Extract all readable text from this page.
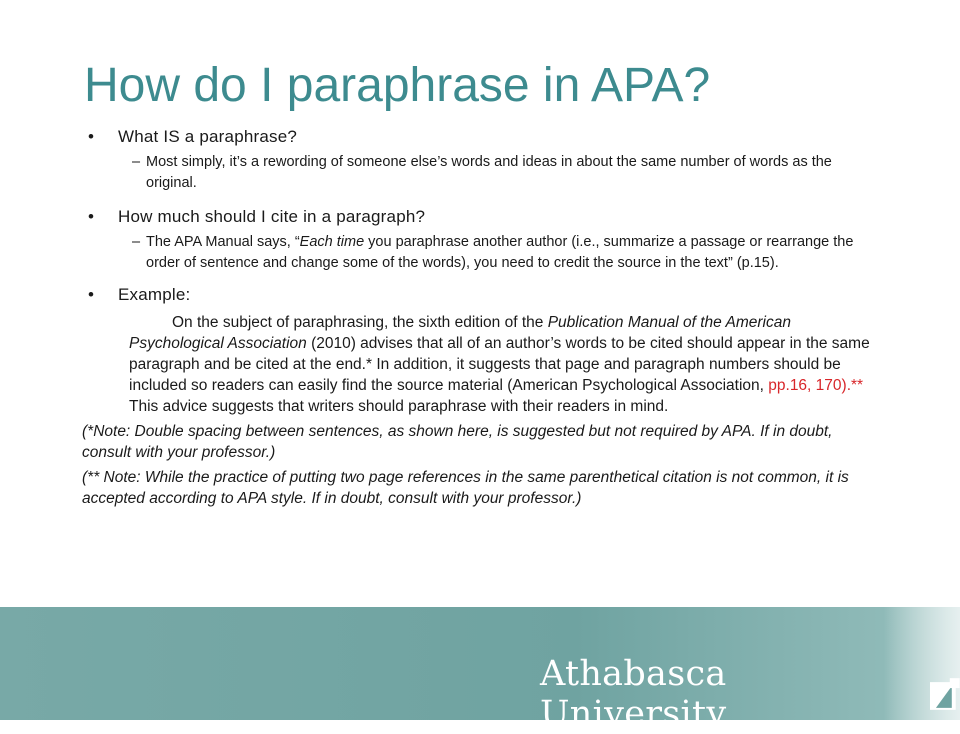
How do I paraphrase in APA?
• What IS a paraphrase?
– Most simply, it’s a rewording of someone else’s words and ideas in about the same number of words as the original.
• How much should I cite in a paragraph?
– The APA Manual says, “Each time you paraphrase another author (i.e., summarize a passage or rearrange the order of sentence and change some of the words), you need to credit the source in the text” (p.15).
• Example:
On the subject of paraphrasing, the sixth edition of the Publication Manual of the American Psychological Association (2010) advises that all of an author’s words to be cited should appear in the same paragraph and be cited at the end.* In addition, it suggests that page and paragraph numbers should be included so readers can easily find the source material (American Psychological Association, pp.16, 170).** This advice suggests that writers should paraphrase with their readers in mind.
(*Note: Double spacing between sentences, as shown here, is suggested but not required by APA. If in doubt, consult with your professor.)
(** Note: While the practice of putting two page references in the same parenthetical citation is not common, it is accepted according to APA style. If in doubt, consult with your professor.)
Athabasca University
